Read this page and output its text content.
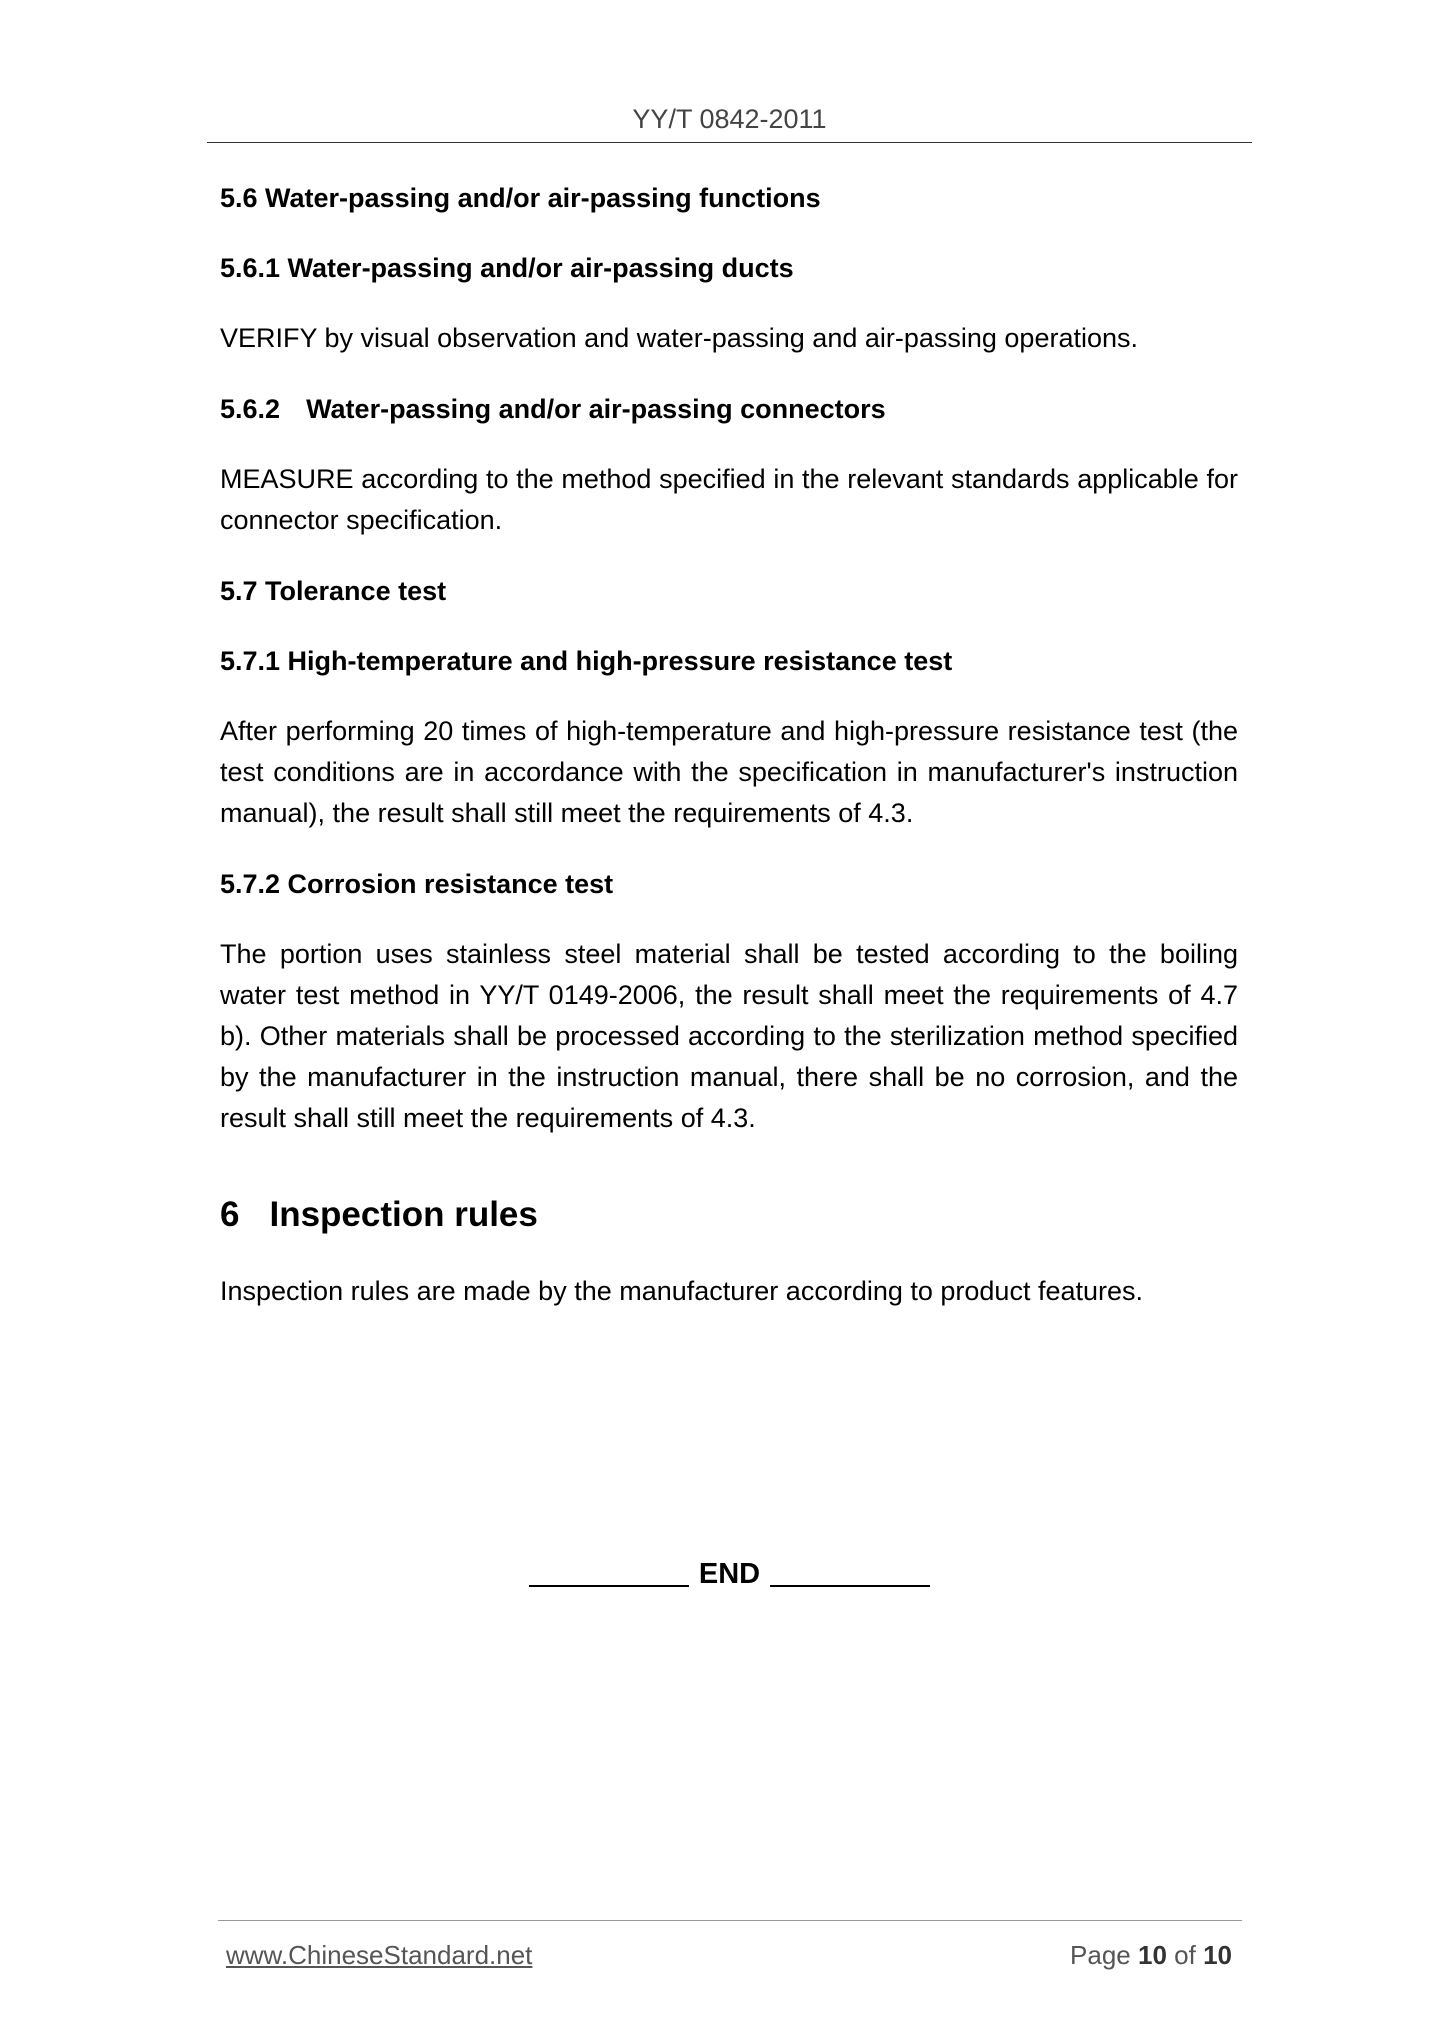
YY/T 0842-2011
5.6 Water-passing and/or air-passing functions
5.6.1 Water-passing and/or air-passing ducts
VERIFY by visual observation and water-passing and air-passing operations.
5.6.2 Water-passing and/or air-passing connectors
MEASURE according to the method specified in the relevant standards applicable for connector specification.
5.7 Tolerance test
5.7.1 High-temperature and high-pressure resistance test
After performing 20 times of high-temperature and high-pressure resistance test (the test conditions are in accordance with the specification in manufacturer's instruction manual), the result shall still meet the requirements of 4.3.
5.7.2 Corrosion resistance test
The portion uses stainless steel material shall be tested according to the boiling water test method in YY/T 0149-2006, the result shall meet the requirements of 4.7 b). Other materials shall be processed according to the sterilization method specified by the manufacturer in the instruction manual, there shall be no corrosion, and the result shall still meet the requirements of 4.3.
6 Inspection rules
Inspection rules are made by the manufacturer according to product features.
END
www.ChineseStandard.net	Page 10 of 10
